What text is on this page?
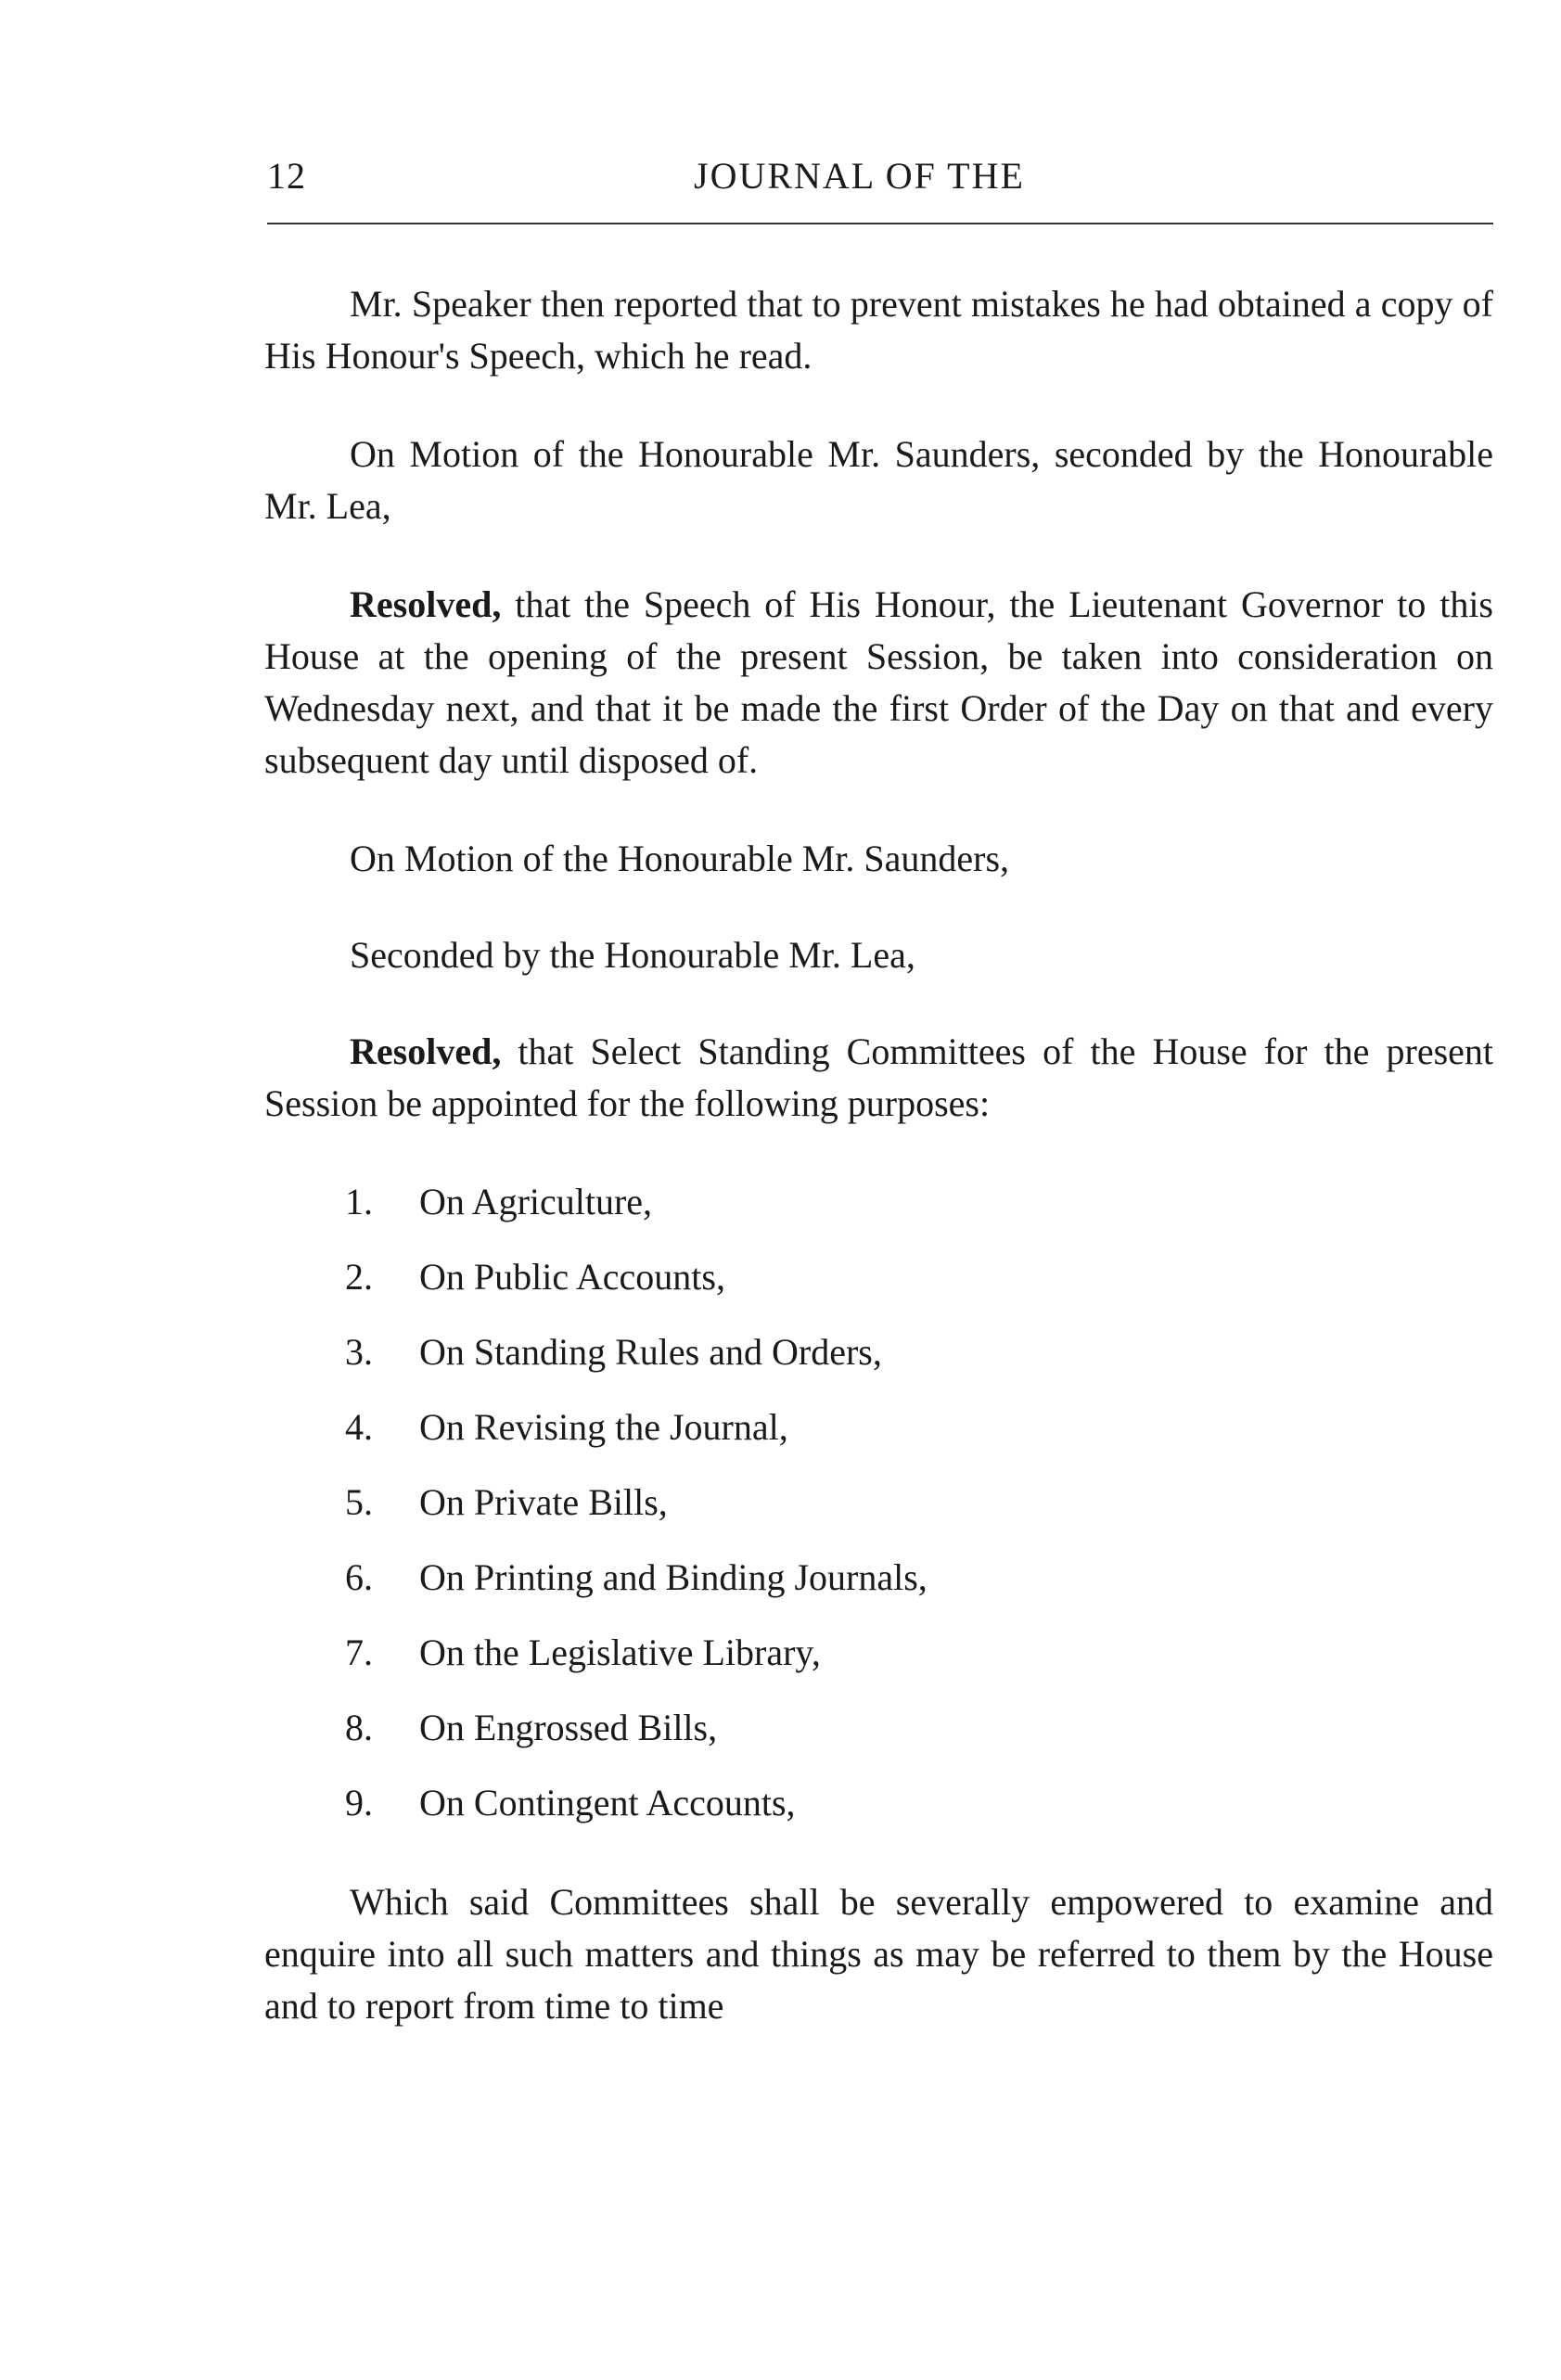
12	JOURNAL OF THE

Mr. Speaker then reported that to prevent mistakes he had obtained a copy of His Honour's Speech, which he read.

On Motion of the Honourable Mr. Saunders, seconded by the Honourable Mr. Lea,

Resolved, that the Speech of His Honour, the Lieutenant Governor to this House at the opening of the present Session, be taken into consideration on Wednesday next, and that it be made the first Order of the Day on that and every subsequent day until disposed of.

On Motion of the Honourable Mr. Saunders,

Seconded by the Honourable Mr. Lea,

Resolved, that Select Standing Committees of the House for the present Session be appointed for the following purposes:

1.	On Agriculture,
2.	On Public Accounts,
3.	On Standing Rules and Orders,
4.	On Revising the Journal,
5.	On Private Bills,
6.	On Printing and Binding Journals,
7.	On the Legislative Library,
8.	On Engrossed Bills,
9.	On Contingent Accounts,

Which said Committees shall be severally empowered to examine and enquire into all such matters and things as may be referred to them by the House and to report from time to time
